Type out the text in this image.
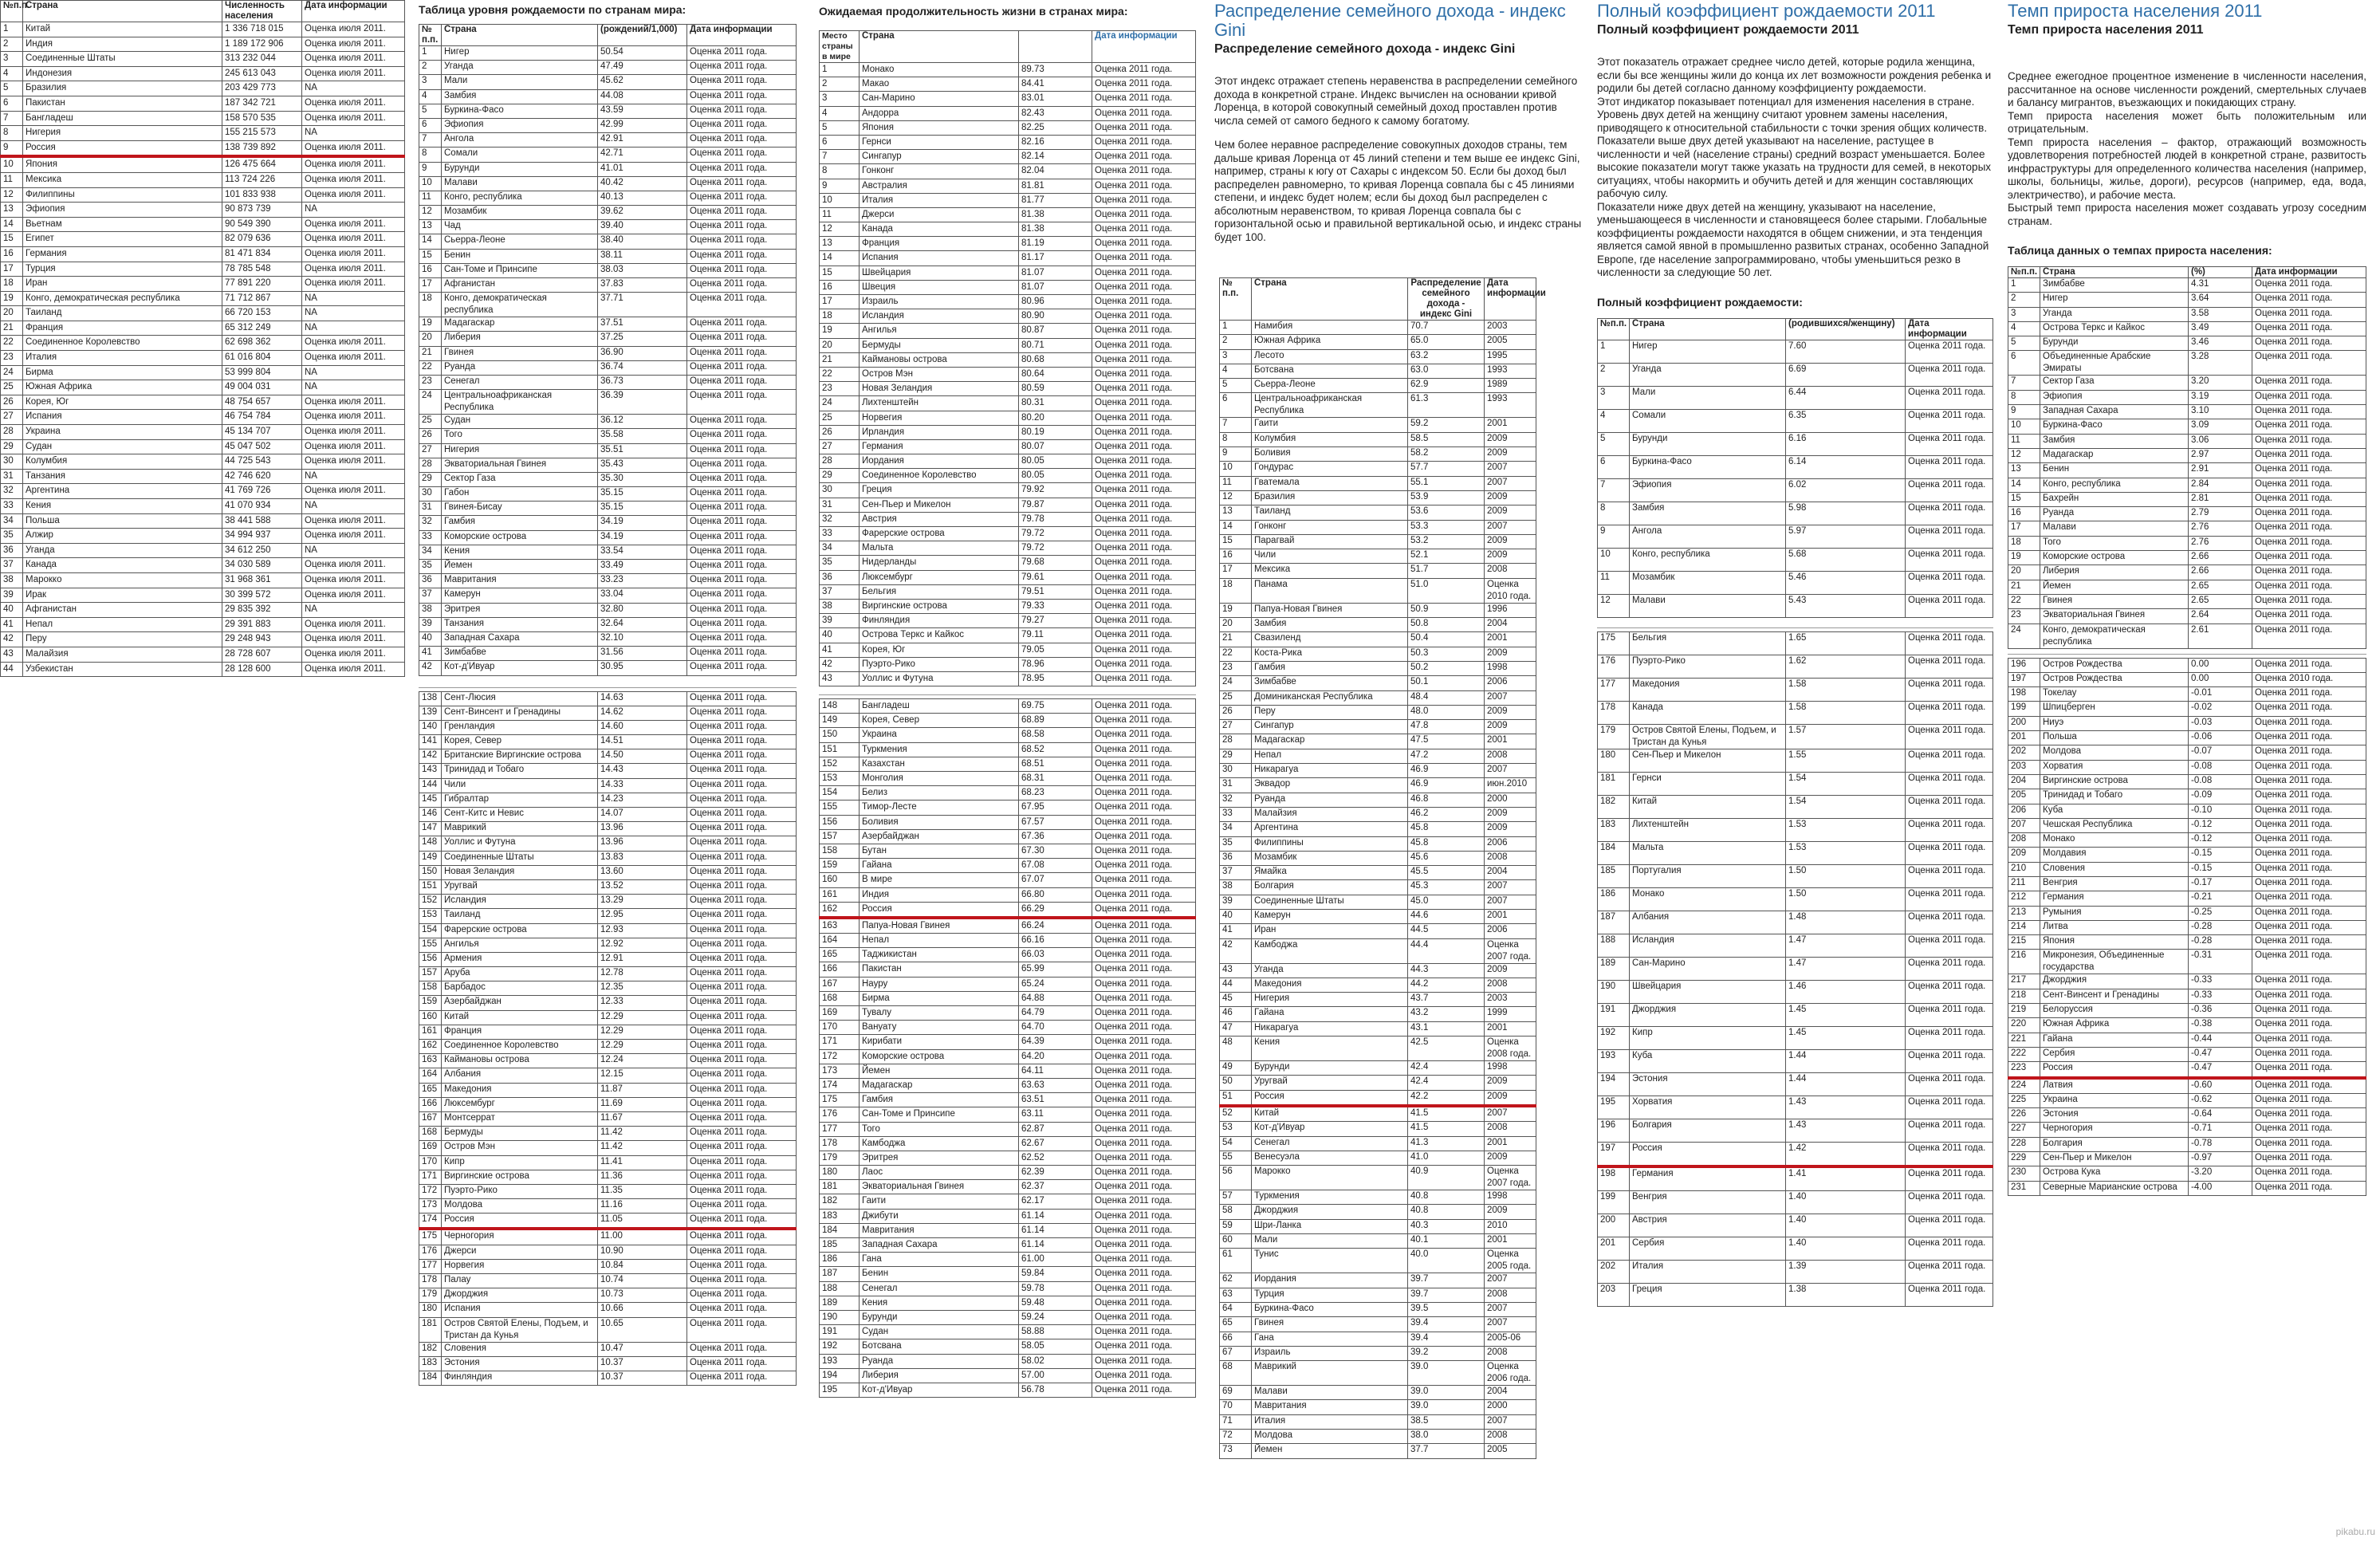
№п.п.	Страна	Численность населения	Дата информации
1	Китай	1 336 718 015	Оценка июля 2011.
2	Индия	1 189 172 906	Оценка июля 2011.
3	Соединенные Штаты	313 232 044	Оценка июля 2011.
4	Индонезия	245 613 043	Оценка июля 2011.
5	Бразилия	203 429 773	NA
6	Пакистан	187 342 721	Оценка июля 2011.
7	Бангладеш	158 570 535	Оценка июля 2011.
8	Нигерия	155 215 573	NA
9	Россия	138 739 892	Оценка июля 2011.
10	Япония	126 475 664	Оценка июля 2011.
11	Мексика	113 724 226	Оценка июля 2011.
12	Филиппины	101 833 938	Оценка июля 2011.
13	Эфиопия	90 873 739	NA
14	Вьетнам	90 549 390	Оценка июля 2011.
15	Египет	82 079 636	Оценка июля 2011.
16	Германия	81 471 834	Оценка июля 2011.
17	Турция	78 785 548	Оценка июля 2011.
18	Иран	77 891 220	Оценка июля 2011.
19	Конго, демократическая республика	71 712 867	NA
20	Таиланд	66 720 153	NA
21	Франция	65 312 249	NA
22	Соединенное Королевство	62 698 362	Оценка июля 2011.
23	Италия	61 016 804	Оценка июля 2011.
24	Бирма	53 999 804	NA
25	Южная Африка	49 004 031	NA
26	Корея, Юг	48 754 657	Оценка июля 2011.
27	Испания	46 754 784	Оценка июля 2011.
28	Украина	45 134 707	Оценка июля 2011.
29	Судан	45 047 502	Оценка июля 2011.
30	Колумбия	44 725 543	Оценка июля 2011.
31	Танзания	42 746 620	NA
32	Аргентина	41 769 726	Оценка июля 2011.
33	Кения	41 070 934	NA
34	Польша	38 441 588	Оценка июля 2011.
35	Алжир	34 994 937	Оценка июля 2011.
36	Уганда	34 612 250	NA
37	Канада	34 030 589	Оценка июля 2011.
38	Марокко	31 968 361	Оценка июля 2011.
39	Ирак	30 399 572	Оценка июля 2011.
40	Афганистан	29 835 392	NA
41	Непал	29 391 883	Оценка июля 2011.
42	Перу	29 248 943	Оценка июля 2011.
43	Малайзия	28 728 607	Оценка июля 2011.
44	Узбекистан	28 128 600	Оценка июля 2011.
Таблица уровня рождаемости по странам мира:
№ п.п.	Страна	(рождений/1,000)	Дата информации
1	Нигер	50.54	Оценка 2011 года.
2	Уганда	47.49	Оценка 2011 года.
3	Мали	45.62	Оценка 2011 года.
4	Замбия	44.08	Оценка 2011 года.
5	Буркина-Фасо	43.59	Оценка 2011 года.
6	Эфиопия	42.99	Оценка 2011 года.
7	Ангола	42.91	Оценка 2011 года.
8	Сомали	42.71	Оценка 2011 года.
9	Бурунди	41.01	Оценка 2011 года.
10	Малави	40.42	Оценка 2011 года.
11	Конго, республика	40.13	Оценка 2011 года.
12	Мозамбик	39.62	Оценка 2011 года.
13	Чад	39.40	Оценка 2011 года.
14	Сьерра-Леоне	38.40	Оценка 2011 года.
15	Бенин	38.11	Оценка 2011 года.
16	Сан-Томе и Принсипе	38.03	Оценка 2011 года.
17	Афганистан	37.83	Оценка 2011 года.
18	Конго, демократическая республика	37.71	Оценка 2011 года.
19	Мадагаскар	37.51	Оценка 2011 года.
20	Либерия	37.25	Оценка 2011 года.
21	Гвинея	36.90	Оценка 2011 года.
22	Руанда	36.74	Оценка 2011 года.
23	Сенегал	36.73	Оценка 2011 года.
24	Центральноафриканская Республика	36.39	Оценка 2011 года.
25	Судан	36.12	Оценка 2011 года.
26	Того	35.58	Оценка 2011 года.
27	Нигерия	35.51	Оценка 2011 года.
28	Экваториальная Гвинея	35.43	Оценка 2011 года.
29	Сектор Газа	35.30	Оценка 2011 года.
30	Габон	35.15	Оценка 2011 года.
31	Гвинея-Бисау	35.15	Оценка 2011 года.
32	Гамбия	34.19	Оценка 2011 года.
33	Коморские острова	34.19	Оценка 2011 года.
34	Кения	33.54	Оценка 2011 года.
35	Йемен	33.49	Оценка 2011 года.
36	Мавритания	33.23	Оценка 2011 года.
37	Камерун	33.04	Оценка 2011 года.
38	Эритрея	32.80	Оценка 2011 года.
39	Танзания	32.64	Оценка 2011 года.
40	Западная Сахара	32.10	Оценка 2011 года.
41	Зимбабве	31.56	Оценка 2011 года.
42	Кот-д'Ивуар	30.95	Оценка 2011 года.
138	Сент-Люсия	14.63	Оценка 2011 года.
139	Сент-Винсент и Гренадины	14.62	Оценка 2011 года.
140	Гренландия	14.60	Оценка 2011 года.
141	Корея, Север	14.51	Оценка 2011 года.
142	Британские Виргинские острова	14.50	Оценка 2011 года.
143	Тринидад и Тобаго	14.43	Оценка 2011 года.
144	Чили	14.33	Оценка 2011 года.
145	Гибралтар	14.23	Оценка 2011 года.
146	Сент-Китс и Невис	14.07	Оценка 2011 года.
147	Маврикий	13.96	Оценка 2011 года.
148	Уоллис и Футуна	13.96	Оценка 2011 года.
149	Соединенные Штаты	13.83	Оценка 2011 года.
150	Новая Зеландия	13.60	Оценка 2011 года.
151	Уругвай	13.52	Оценка 2011 года.
152	Исландия	13.29	Оценка 2011 года.
153	Таиланд	12.95	Оценка 2011 года.
154	Фарерские острова	12.93	Оценка 2011 года.
155	Ангилья	12.92	Оценка 2011 года.
156	Армения	12.91	Оценка 2011 года.
157	Аруба	12.78	Оценка 2011 года.
158	Барбадос	12.35	Оценка 2011 года.
159	Азербайджан	12.33	Оценка 2011 года.
160	Китай	12.29	Оценка 2011 года.
161	Франция	12.29	Оценка 2011 года.
162	Соединенное Королевство	12.29	Оценка 2011 года.
163	Каймановы острова	12.24	Оценка 2011 года.
164	Албания	12.15	Оценка 2011 года.
165	Македония	11.87	Оценка 2011 года.
166	Люксембург	11.69	Оценка 2011 года.
167	Монтсеррат	11.67	Оценка 2011 года.
168	Бермуды	11.42	Оценка 2011 года.
169	Остров Мэн	11.42	Оценка 2011 года.
170	Кипр	11.41	Оценка 2011 года.
171	Виргинские острова	11.36	Оценка 2011 года.
172	Пуэрто-Рико	11.35	Оценка 2011 года.
173	Молдова	11.16	Оценка 2011 года.
174	Россия	11.05	Оценка 2011 года.
175	Черногория	11.00	Оценка 2011 года.
176	Джерси	10.90	Оценка 2011 года.
177	Норвегия	10.84	Оценка 2011 года.
178	Палау	10.74	Оценка 2011 года.
179	Джорджия	10.73	Оценка 2011 года.
180	Испания	10.66	Оценка 2011 года.
181	Остров Святой Елены, Подъем, и Тристан да Кунья	10.65	Оценка 2011 года.
182	Словения	10.47	Оценка 2011 года.
183	Эстония	10.37	Оценка 2011 года.
184	Финляндия	10.37	Оценка 2011 года.
Ожидаемая продолжительность жизни в странах мира:
Место страны в мире	Страна		Дата информации
1	Монако	89.73	Оценка 2011 года.
2	Макао	84.41	Оценка 2011 года.
3	Сан-Марино	83.01	Оценка 2011 года.
4	Андорра	82.43	Оценка 2011 года.
5	Япония	82.25	Оценка 2011 года.
6	Гернси	82.16	Оценка 2011 года.
7	Сингапур	82.14	Оценка 2011 года.
8	Гонконг	82.04	Оценка 2011 года.
9	Австралия	81.81	Оценка 2011 года.
10	Италия	81.77	Оценка 2011 года.
11	Джерси	81.38	Оценка 2011 года.
12	Канада	81.38	Оценка 2011 года.
13	Франция	81.19	Оценка 2011 года.
14	Испания	81.17	Оценка 2011 года.
15	Швейцария	81.07	Оценка 2011 года.
16	Швеция	81.07	Оценка 2011 года.
17	Израиль	80.96	Оценка 2011 года.
18	Исландия	80.90	Оценка 2011 года.
19	Ангилья	80.87	Оценка 2011 года.
20	Бермуды	80.71	Оценка 2011 года.
21	Каймановы острова	80.68	Оценка 2011 года.
22	Остров Мэн	80.64	Оценка 2011 года.
23	Новая Зеландия	80.59	Оценка 2011 года.
24	Лихтенштейн	80.31	Оценка 2011 года.
25	Норвегия	80.20	Оценка 2011 года.
26	Ирландия	80.19	Оценка 2011 года.
27	Германия	80.07	Оценка 2011 года.
28	Иордания	80.05	Оценка 2011 года.
29	Соединенное Королевство	80.05	Оценка 2011 года.
30	Греция	79.92	Оценка 2011 года.
31	Сен-Пьер и Микелон	79.87	Оценка 2011 года.
32	Австрия	79.78	Оценка 2011 года.
33	Фарерские острова	79.72	Оценка 2011 года.
34	Мальта	79.72	Оценка 2011 года.
35	Нидерланды	79.68	Оценка 2011 года.
36	Люксембург	79.61	Оценка 2011 года.
37	Бельгия	79.51	Оценка 2011 года.
38	Виргинские острова	79.33	Оценка 2011 года.
39	Финляндия	79.27	Оценка 2011 года.
40	Острова Теркс и Кайкос	79.11	Оценка 2011 года.
41	Корея, Юг	79.05	Оценка 2011 года.
42	Пуэрто-Рико	78.96	Оценка 2011 года.
43	Уоллис и Футуна	78.95	Оценка 2011 года.
148	Бангладеш	69.75	Оценка 2011 года.
149	Корея, Север	68.89	Оценка 2011 года.
150	Украина	68.58	Оценка 2011 года.
151	Туркмения	68.52	Оценка 2011 года.
152	Казахстан	68.51	Оценка 2011 года.
153	Монголия	68.31	Оценка 2011 года.
154	Белиз	68.23	Оценка 2011 года.
155	Тимор-Лесте	67.95	Оценка 2011 года.
156	Боливия	67.57	Оценка 2011 года.
157	Азербайджан	67.36	Оценка 2011 года.
158	Бутан	67.30	Оценка 2011 года.
159	Гайана	67.08	Оценка 2011 года.
160	В мире	67.07	Оценка 2011 года.
161	Индия	66.80	Оценка 2011 года.
162	Россия	66.29	Оценка 2011 года.
163	Папуа-Новая Гвинея	66.24	Оценка 2011 года.
164	Непал	66.16	Оценка 2011 года.
165	Таджикистан	66.03	Оценка 2011 года.
166	Пакистан	65.99	Оценка 2011 года.
167	Науру	65.24	Оценка 2011 года.
168	Бирма	64.88	Оценка 2011 года.
169	Тувалу	64.79	Оценка 2011 года.
170	Вануату	64.70	Оценка 2011 года.
171	Кирибати	64.39	Оценка 2011 года.
172	Коморские острова	64.20	Оценка 2011 года.
173	Йемен	64.11	Оценка 2011 года.
174	Мадагаскар	63.63	Оценка 2011 года.
175	Гамбия	63.51	Оценка 2011 года.
176	Сан-Томе и Принсипе	63.11	Оценка 2011 года.
177	Того	62.87	Оценка 2011 года.
178	Камбоджа	62.67	Оценка 2011 года.
179	Эритрея	62.52	Оценка 2011 года.
180	Лаос	62.39	Оценка 2011 года.
181	Экваториальная Гвинея	62.37	Оценка 2011 года.
182	Гаити	62.17	Оценка 2011 года.
183	Джибути	61.14	Оценка 2011 года.
184	Мавритания	61.14	Оценка 2011 года.
185	Западная Сахара	61.14	Оценка 2011 года.
186	Гана	61.00	Оценка 2011 года.
187	Бенин	59.84	Оценка 2011 года.
188	Сенегал	59.78	Оценка 2011 года.
189	Кения	59.48	Оценка 2011 года.
190	Бурунди	59.24	Оценка 2011 года.
191	Судан	58.88	Оценка 2011 года.
192	Ботсвана	58.05	Оценка 2011 года.
193	Руанда	58.02	Оценка 2011 года.
194	Либерия	57.00	Оценка 2011 года.
195	Кот-д'Ивуар	56.78	Оценка 2011 года.
Распределение семейного дохода - индекс Gini
Распределение семейного дохода - индекс Gini

Этот индекс отражает степень неравенства в распределении семейного дохода в конкретной стране. Индекс вычислен на основании кривой Лоренца, в которой совокупный семейный доход проставлен против числа семей от самого бедного к самому богатому.

Чем более неравное распределение совокупных доходов страны, тем дальше кривая Лоренца от 45 линий степени и тем выше ее индекс Gini, например, страны к югу от Сахары с индексом 50. Если бы доход был распределен равномерно, то кривая Лоренца совпала бы с 45 линиями степени, и индекс будет нолем; если бы доход был распределен с абсолютным неравенством, то кривая Лоренца совпала бы с горизонтальной осью и правильной вертикальной осью, и индекс страны будет 100.

№ п.п.	Страна	Распределение семейного дохода - индекс Gini	Дата информации
1	Намибия	70.7	2003
2	Южная Африка	65.0	2005
3	Лесото	63.2	1995
4	Ботсвана	63.0	1993
5	Сьерра-Леоне	62.9	1989
6	Центральноафриканская Республика	61.3	1993
7	Гаити	59.2	2001
8	Колумбия	58.5	2009
9	Боливия	58.2	2009
10	Гондурас	57.7	2007
11	Гватемала	55.1	2007
12	Бразилия	53.9	2009
13	Таиланд	53.6	2009
14	Гонконг	53.3	2007
15	Парагвай	53.2	2009
16	Чили	52.1	2009
17	Мексика	51.7	2008
18	Панама	51.0	Оценка 2010 года.
19	Папуа-Новая Гвинея	50.9	1996
20	Замбия	50.8	2004
21	Свазиленд	50.4	2001
22	Коста-Рика	50.3	2009
23	Гамбия	50.2	1998
24	Зимбабве	50.1	2006
25	Доминиканская Республика	48.4	2007
26	Перу	48.0	2009
27	Сингапур	47.8	2009
28	Мадагаскар	47.5	2001
29	Непал	47.2	2008
30	Никарагуа	46.9	2007
31	Эквадор	46.9	июн.2010
32	Руанда	46.8	2000
33	Малайзия	46.2	2009
34	Аргентина	45.8	2009
35	Филиппины	45.8	2006
36	Мозамбик	45.6	2008
37	Ямайка	45.5	2004
38	Болгария	45.3	2007
39	Соединенные Штаты	45.0	2007
40	Камерун	44.6	2001
41	Иран	44.5	2006
42	Камбоджа	44.4	Оценка 2007 года.
43	Уганда	44.3	2009
44	Македония	44.2	2008
45	Нигерия	43.7	2003
46	Гайана	43.2	1999
47	Никарагуа	43.1	2001
48	Кения	42.5	Оценка 2008 года.
49	Бурунди	42.4	1998
50	Уругвай	42.4	2009
51	Россия	42.2	2009
52	Китай	41.5	2007
53	Кот-д'Ивуар	41.5	2008
54	Сенегал	41.3	2001
55	Венесуэла	41.0	2009
56	Марокко	40.9	Оценка 2007 года.
57	Туркмения	40.8	1998
58	Джорджия	40.8	2009
59	Шри-Ланка	40.3	2010
60	Мали	40.1	2001
61	Тунис	40.0	Оценка 2005 года.
62	Иордания	39.7	2007
63	Турция	39.7	2008
64	Буркина-Фасо	39.5	2007
65	Гвинея	39.4	2007
66	Гана	39.4	2005-06
67	Израиль	39.2	2008
68	Маврикий	39.0	Оценка 2006 года.
69	Малави	39.0	2004
70	Мавритания	39.0	2000
71	Италия	38.5	2007
72	Молдова	38.0	2008
73	Йемен	37.7	2005
Полный коэффициент рождаемости 2011
Полный коэффициент рождаемости 2011

Этот показатель отражает среднее число детей, которые родила женщина, если бы все женщины жили до конца их лет возможности рождения ребенка и родили бы детей согласно данному коэффициенту рождаемости.

Этот индикатор показывает потенциал для изменения населения в стране.

Уровень двух детей на женщину считают уровнем замены населения, приводящего к относительной стабильности с точки зрения общих количеств.

Показатели выше двух детей указывают на население, растущее в численности и чей (население страны) средний возраст уменьшается. Более высокие показатели могут также указать на трудности для семей, в некоторых ситуациях, чтобы накормить и обучить детей и для женщин составляющих рабочую силу.

Показатели ниже двух детей на женщину, указывают на население, уменьшающееся в численности и становящееся более старыми. Глобальные коэффициенты рождаемости находятся в общем снижении, и эта тенденция является самой явной в промышленно развитых странах, особенно Западной Европе, где население запрограммировано, чтобы уменьшиться резко в численности за следующие 50 лет.

Полный коэффициент рождаемости:
№п.п.	Страна	(родившихся/женщину)	Дата информации
1	Нигер	7.60	Оценка 2011 года.
2	Уганда	6.69	Оценка 2011 года.
3	Мали	6.44	Оценка 2011 года.
4	Сомали	6.35	Оценка 2011 года.
5	Бурунди	6.16	Оценка 2011 года.
6	Буркина-Фасо	6.14	Оценка 2011 года.
7	Эфиопия	6.02	Оценка 2011 года.
8	Замбия	5.98	Оценка 2011 года.
9	Ангола	5.97	Оценка 2011 года.
10	Конго, республика	5.68	Оценка 2011 года.
11	Мозамбик	5.46	Оценка 2011 года.
12	Малави	5.43	Оценка 2011 года.
175	Бельгия	1.65	Оценка 2011 года.
176	Пуэрто-Рико	1.62	Оценка 2011 года.
177	Македония	1.58	Оценка 2011 года.
178	Канада	1.58	Оценка 2011 года.
179	Остров Святой Елены, Подъем, и Тристан да Кунья	1.57	Оценка 2011 года.
180	Сен-Пьер и Микелон	1.55	Оценка 2011 года.
181	Гернси	1.54	Оценка 2011 года.
182	Китай	1.54	Оценка 2011 года.
183	Лихтенштейн	1.53	Оценка 2011 года.
184	Мальта	1.53	Оценка 2011 года.
185	Португалия	1.50	Оценка 2011 года.
186	Монако	1.50	Оценка 2011 года.
187	Албания	1.48	Оценка 2011 года.
188	Исландия	1.47	Оценка 2011 года.
189	Сан-Марино	1.47	Оценка 2011 года.
190	Швейцария	1.46	Оценка 2011 года.
191	Джорджия	1.45	Оценка 2011 года.
192	Кипр	1.45	Оценка 2011 года.
193	Куба	1.44	Оценка 2011 года.
194	Эстония	1.44	Оценка 2011 года.
195	Хорватия	1.43	Оценка 2011 года.
196	Болгария	1.43	Оценка 2011 года.
197	Россия	1.42	Оценка 2011 года.
198	Германия	1.41	Оценка 2011 года.
199	Венгрия	1.40	Оценка 2011 года.
200	Австрия	1.40	Оценка 2011 года.
201	Сербия	1.40	Оценка 2011 года.
202	Италия	1.39	Оценка 2011 года.
203	Греция	1.38	Оценка 2011 года.
Темп прироста населения 2011
Темп прироста населения 2011

Среднее ежегодное процентное изменение в численности населения, рассчитанное на основе численности рождений, смертельных случаев и балансу мигрантов, въезжающих и покидающих страну.

Темп прироста населения может быть положительным или отрицательным.

Темп прироста населения – фактор, отражающий возможность удовлетворения потребностей людей в конкретной стране, развитость инфраструктуры для определенного количества населения (например, школы, больницы, жилье, дороги), ресурсов (например, еда, вода, электричество), и рабочие места.

Быстрый темп прироста населения может создавать угрозу соседним странам.

Таблица данных о темпах прироста населения:
№п.п.	Страна	(%)	Дата информации
1	Зимбабве	4.31	Оценка 2011 года.
2	Нигер	3.64	Оценка 2011 года.
3	Уганда	3.58	Оценка 2011 года.
4	Острова Теркс и Кайкос	3.49	Оценка 2011 года.
5	Бурунди	3.46	Оценка 2011 года.
6	Объединенные Арабские Эмираты	3.28	Оценка 2011 года.
7	Сектор Газа	3.20	Оценка 2011 года.
8	Эфиопия	3.19	Оценка 2011 года.
9	Западная Сахара	3.10	Оценка 2011 года.
10	Буркина-Фасо	3.09	Оценка 2011 года.
11	Замбия	3.06	Оценка 2011 года.
12	Мадагаскар	2.97	Оценка 2011 года.
13	Бенин	2.91	Оценка 2011 года.
14	Конго, республика	2.84	Оценка 2011 года.
15	Бахрейн	2.81	Оценка 2011 года.
16	Руанда	2.79	Оценка 2011 года.
17	Малави	2.76	Оценка 2011 года.
18	Того	2.76	Оценка 2011 года.
19	Коморские острова	2.66	Оценка 2011 года.
20	Либерия	2.66	Оценка 2011 года.
21	Йемен	2.65	Оценка 2011 года.
22	Гвинея	2.65	Оценка 2011 года.
23	Экваториальная Гвинея	2.64	Оценка 2011 года.
24	Конго, демократическая республика	2.61	Оценка 2011 года.
196	Остров Рождества	0.00	Оценка 2011 года.
197	Остров Рождества	0.00	Оценка 2010 года.
198	Токелау	-0.01	Оценка 2011 года.
199	Шпицберген	-0.02	Оценка 2011 года.
200	Ниуэ	-0.03	Оценка 2011 года.
201	Польша	-0.06	Оценка 2011 года.
202	Молдова	-0.07	Оценка 2011 года.
203	Хорватия	-0.08	Оценка 2011 года.
204	Виргинские острова	-0.08	Оценка 2011 года.
205	Тринидад и Тобаго	-0.09	Оценка 2011 года.
206	Куба	-0.10	Оценка 2011 года.
207	Чешская Республика	-0.12	Оценка 2011 года.
208	Монако	-0.12	Оценка 2011 года.
209	Молдавия	-0.15	Оценка 2011 года.
210	Словения	-0.15	Оценка 2011 года.
211	Венгрия	-0.17	Оценка 2011 года.
212	Германия	-0.21	Оценка 2011 года.
213	Румыния	-0.25	Оценка 2011 года.
214	Литва	-0.28	Оценка 2011 года.
215	Япония	-0.28	Оценка 2011 года.
216	Микронезия, Объединенные государства	-0.31	Оценка 2011 года.
217	Джорджия	-0.33	Оценка 2011 года.
218	Сент-Винсент и Гренадины	-0.33	Оценка 2011 года.
219	Белоруссия	-0.36	Оценка 2011 года.
220	Южная Африка	-0.38	Оценка 2011 года.
221	Гайана	-0.44	Оценка 2011 года.
222	Сербия	-0.47	Оценка 2011 года.
223	Россия	-0.47	Оценка 2011 года.
224	Латвия	-0.60	Оценка 2011 года.
225	Украина	-0.62	Оценка 2011 года.
226	Эстония	-0.64	Оценка 2011 года.
227	Черногория	-0.71	Оценка 2011 года.
228	Болгария	-0.78	Оценка 2011 года.
229	Сен-Пьер и Микелон	-0.97	Оценка 2011 года.
230	Острова Кука	-3.20	Оценка 2011 года.
231	Северные Марианские острова	-4.00	Оценка 2011 года.
pikabu.ru
